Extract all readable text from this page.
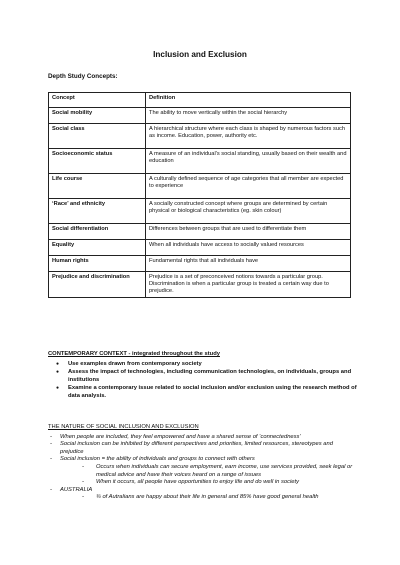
Inclusion and Exclusion
Depth Study Concepts:
Concept	Definition
Social mobility	The ability to move vertically within the social hierarchy
Social class	A hierarchical structure where each class is shaped by numerous factors such as income. Education, power, authority etc.
Socioeconomic status	A measure of an individual’s social standing, usually based on their wealth and education
Life course	A culturally defined sequence of age categories that all member are expected to experience
‘Race’ and ethnicity	A socially constructed concept where groups are determined by certain physical or biological characteristics (eg. skin colour)
Social differentiation	Differences between groups that are used to differentiate them
Equality	When all individuals have access to socially valued resources
Human rights	Fundamental rights that all individuals have
Prejudice and discrimination	Prejudice is a set of preconceived notions towards a particular group. Discrimination is when a particular group is treated a certain way due to prejudice.
CONTEMPORARY CONTEXT - integrated throughout the study
● Use examples drawn from contemporary society
● Assess the impact of technologies, including communication technologies, on individuals, groups and institutions
● Examine a contemporary issue related to social inclusion and/or exclusion using the research method of data analysis.
THE NATURE OF SOCIAL INCLUSION AND EXCLUSION
- When people are included, they feel empowered and have a shared sense of ‘connectedness’
- Social inclusion can be inhibited by different perspectives and priorities, limited resources, stereotypes and prejudice
- Social inclusion = the ability of individuals and groups to connect with others
- Occurs when individuals can secure employment, earn income, use services provided, seek legal or medical advice and have their voices heard on a range of issues
- When it occurs, all people have opportunities to enjoy life and do well in society
- AUSTRALIA
- ¾ of Autralians are happy about their life in general and 85% have good general health
